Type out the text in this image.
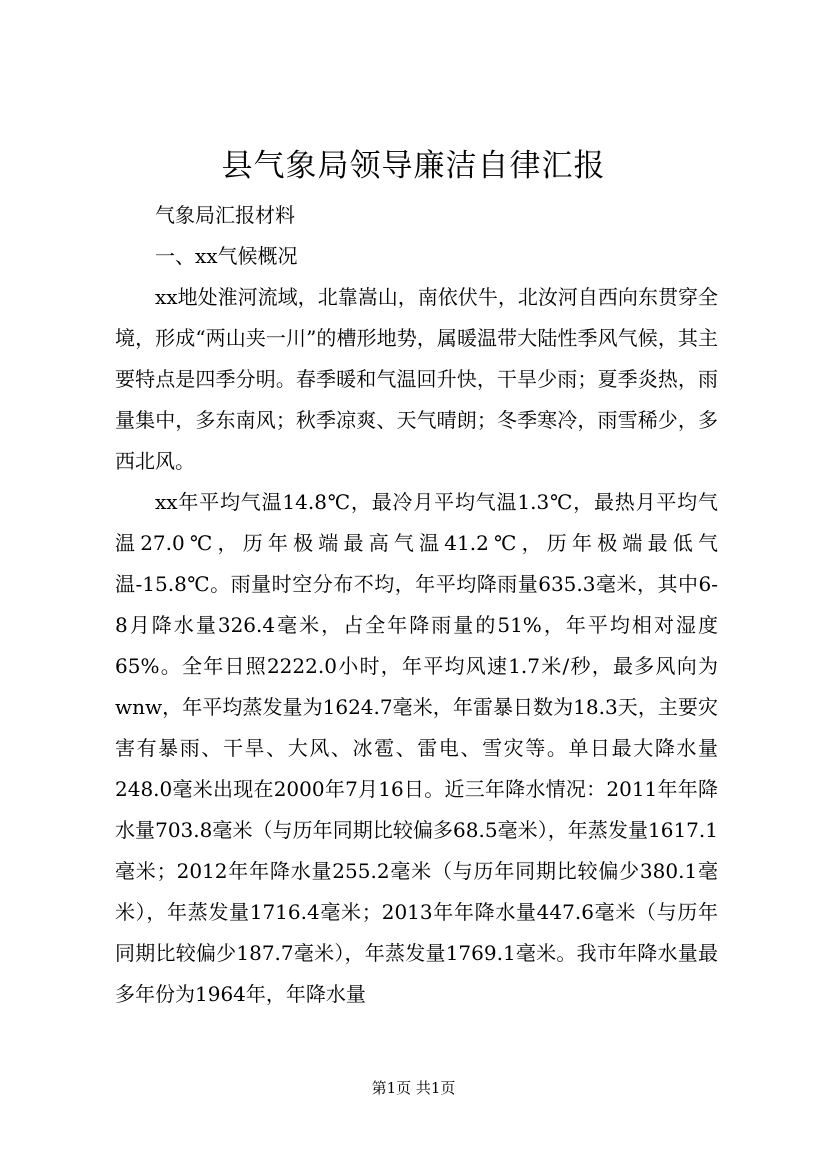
县气象局领导廉洁自律汇报

气象局汇报材料

一、xx气候概况

xx地处淮河流域，北靠嵩山，南依伏牛，北汝河自西向东贯穿全境，形成“两山夹一川”的槽形地势，属暖温带大陆性季风气候，其主要特点是四季分明。春季暖和气温回升快，干旱少雨；夏季炎热，雨量集中，多东南风；秋季凉爽、天气晴朗；冬季寒冷，雨雪稀少，多西北风。

xx年平均气温14.8℃，最冷月平均气温1.3℃，最热月平均气温27.0℃，历年极端最高气温41.2℃，历年极端最低气温-15.8℃。雨量时空分布不均，年平均降雨量635.3毫米，其中6-8月降水量326.4毫米，占全年降雨量的51%，年平均相对湿度65%。全年日照2222.0小时，年平均风速1.7米/秒，最多风向为wnw，年平均蒸发量为1624.7毫米，年雷暴日数为18.3天，主要灾害有暴雨、干旱、大风、冰雹、雷电、雪灾等。单日最大降水量248.0毫米出现在2000年7月16日。近三年降水情况：2011年年降水量703.8毫米（与历年同期比较偏多68.5毫米），年蒸发量1617.1毫米；2012年年降水量255.2毫米（与历年同期比较偏少380.1毫米），年蒸发量1716.4毫米；2013年年降水量447.6毫米（与历年同期比较偏少187.7毫米），年蒸发量1769.1毫米。我市年降水量最多年份为1964年，年降水量

第1页 共1页
